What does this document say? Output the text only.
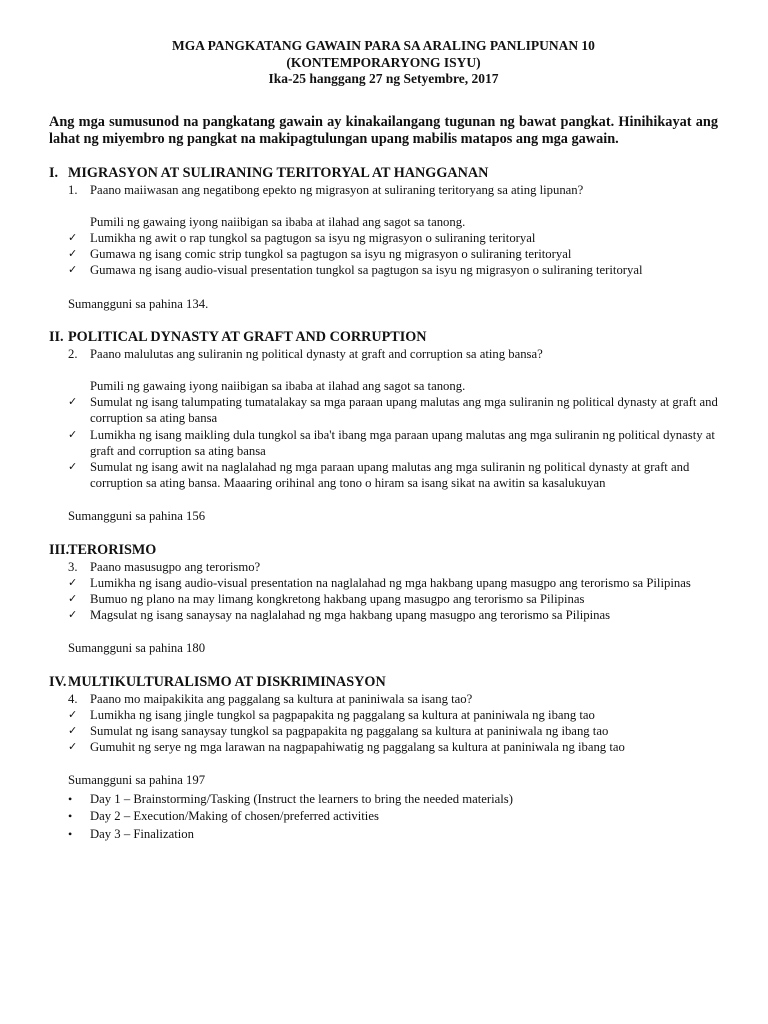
MGA PANGKATANG GAWAIN PARA SA ARALING PANLIPUNAN 10
(KONTEMPORARYONG ISYU)
Ika-25 hanggang 27 ng Setyembre, 2017
Ang mga sumusunod na pangkatang gawain ay kinakailangang tugunan ng bawat pangkat. Hinihikayat ang lahat ng miyembro ng pangkat na makipagtulungan upang mabilis matapos ang mga gawain.
I. MIGRASYON AT SULIRANING TERITORYAL AT HANGGANAN
1. Paano maiiwasan ang negatibong epekto ng migrasyon at suliraning teritoryang sa ating lipunan?
Pumili ng gawaing iyong naiibigan sa ibaba at ilahad ang sagot sa tanong.
✓	Lumikha ng awit o rap tungkol sa pagtugon sa isyu ng migrasyon o suliraning teritoryal
✓	Gumawa ng isang comic strip tungkol sa pagtugon sa isyu ng migrasyon o suliraning teritoryal
✓	Gumawa ng isang audio-visual presentation tungkol sa pagtugon sa isyu ng migrasyon o suliraning teritoryal
Sumangguni sa pahina 134.
II. POLITICAL DYNASTY AT GRAFT AND CORRUPTION
2. Paano malulutas ang suliranin ng political dynasty at graft and corruption sa ating bansa?
Pumili ng gawaing iyong naiibigan sa ibaba at ilahad ang sagot sa tanong.
✓	Sumulat ng isang talumpating tumatalakay sa mga paraan upang malutas ang mga suliranin ng political dynasty at graft and corruption sa ating bansa
✓	Lumikha ng isang maikling dula tungkol sa iba't ibang mga paraan upang malutas ang mga suliranin ng political dynasty at graft and corruption sa ating bansa
✓	Sumulat ng isang awit na naglalahad ng mga paraan upang malutas ang mga suliranin ng political dynasty at graft and corruption sa ating bansa. Maaaring orihinal ang tono o hiram sa isang sikat na awitin sa kasalukuyan
Sumangguni sa pahina 156
III.
TERORISMO
3. Paano masusugpo ang terorismo?
✓	Lumikha ng isang audio-visual presentation na naglalahad ng mga hakbang upang masugpo ang terorismo sa Pilipinas
✓	Bumuo ng plano na may limang kongkretong hakbang upang masugpo ang terorismo sa Pilipinas
✓	Magsulat ng isang sanaysay na naglalahad ng mga hakbang upang masugpo ang terorismo sa Pilipinas
Sumangguni sa pahina 180
IV. MULTIKULTURALISMO AT DISKRIMINASYON
4. Paano mo maipakikita ang paggalang sa kultura at paniniwala sa isang tao?
✓	Lumikha ng isang jingle tungkol sa pagpapakita ng paggalang sa kultura at paniniwala ng ibang tao
✓	Sumulat ng isang sanaysay tungkol sa pagpapakita ng paggalang sa kultura at paniniwala ng ibang tao
✓	Gumuhit ng serye ng mga larawan na nagpapahiwatig ng paggalang sa kultura at paniniwala ng ibang tao
Sumangguni sa pahina 197
•	Day 1 – Brainstorming/Tasking (Instruct the learners to bring the needed materials)
•	Day 2 – Execution/Making of chosen/preferred activities
•	Day 3 – Finalization
